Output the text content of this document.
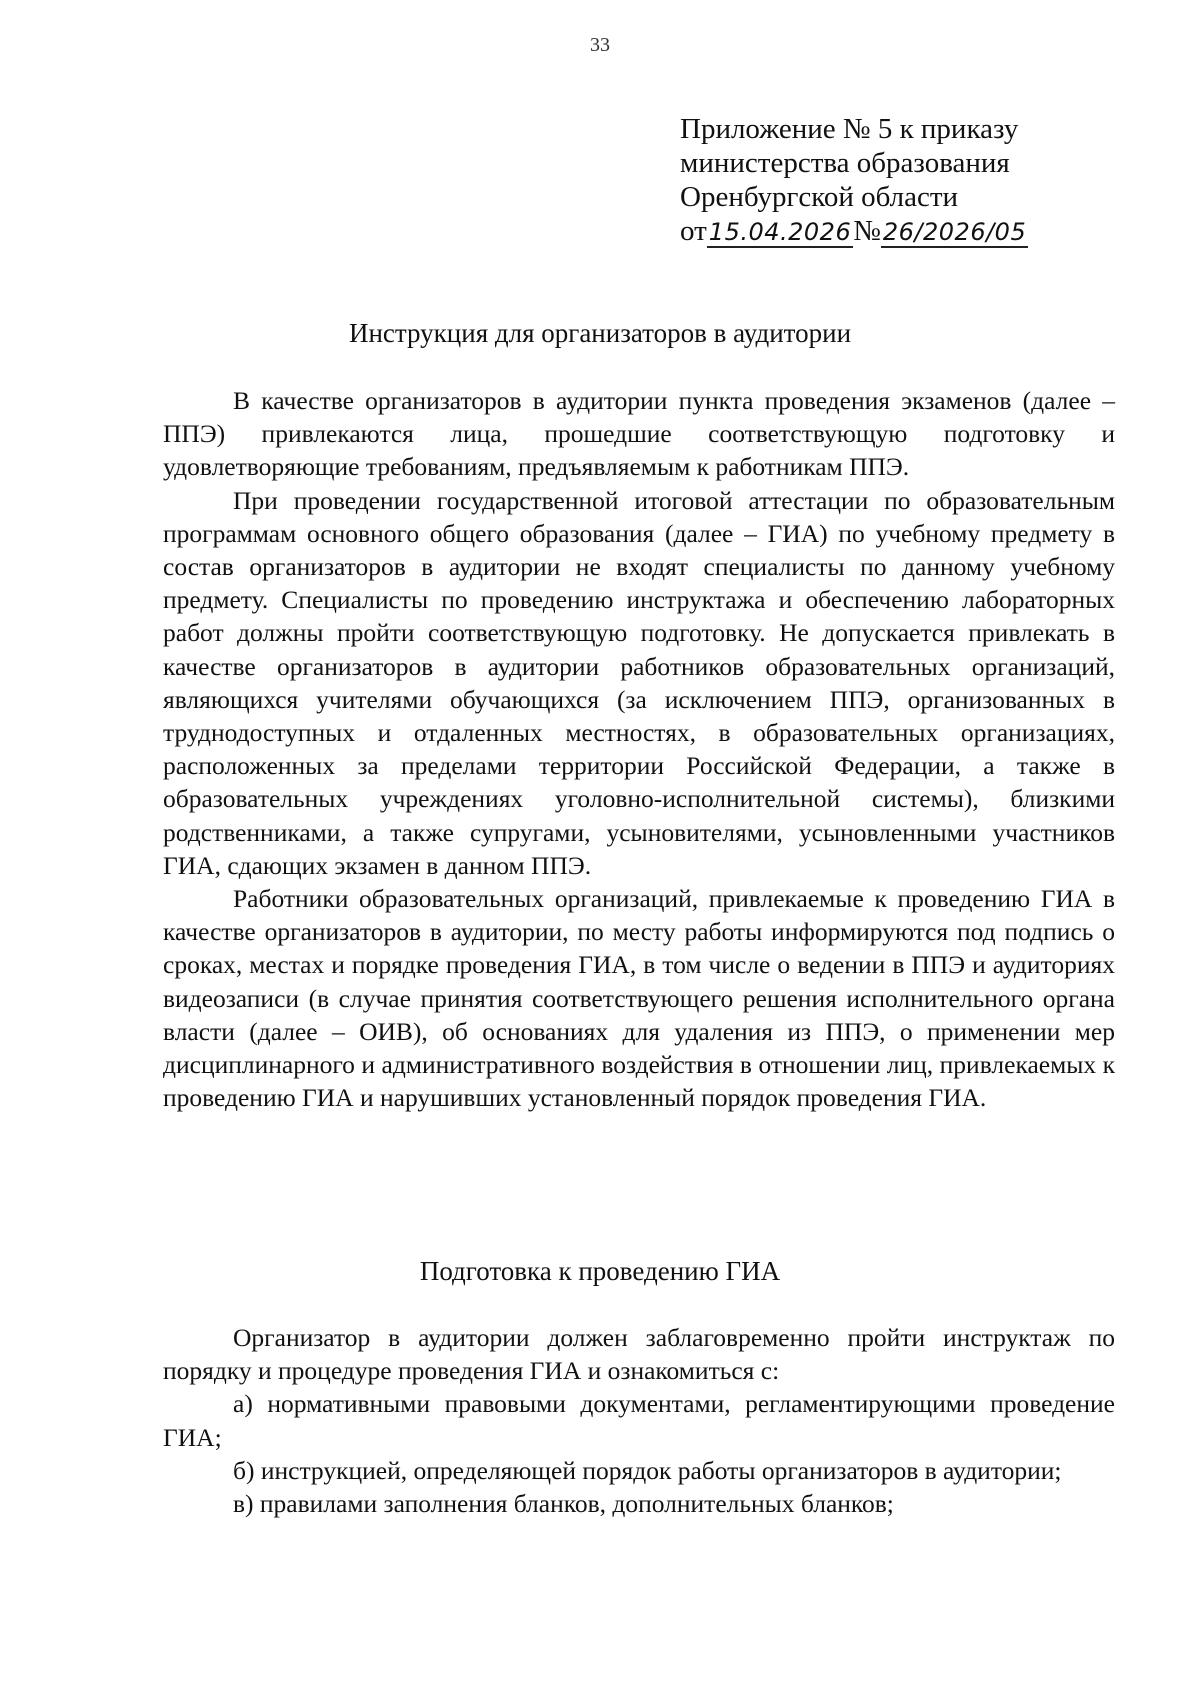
33
Приложение № 5 к приказу
министерства образования
Оренбургской области
от15.04.2026№26/2026/05
Инструкция для организаторов в аудитории

В качестве организаторов в аудитории пункта проведения экзаменов (далее – ППЭ) привлекаются лица, прошедшие соответствующую подготовку и удовлетворяющие требованиям, предъявляемым к работникам ППЭ.

При проведении государственной итоговой аттестации по образовательным программам основного общего образования (далее – ГИА) по учебному предмету в состав организаторов в аудитории не входят специалисты по данному учебному предмету. Специалисты по проведению инструктажа и обеспечению лабораторных работ должны пройти соответствующую подготовку. Не допускается привлекать в качестве организаторов в аудитории работников образовательных организаций, являющихся учителями обучающихся (за исключением ППЭ, организованных в труднодоступных и отдаленных местностях, в образовательных организациях, расположенных за пределами территории Российской Федерации, а также в образовательных учреждениях уголовно-исполнительной системы), близкими родственниками, а также супругами, усыновителями, усыновленными участников ГИА, сдающих экзамен в данном ППЭ.

Работники образовательных организаций, привлекаемые к проведению ГИА в качестве организаторов в аудитории, по месту работы информируются под подпись о сроках, местах и порядке проведения ГИА, в том числе о ведении в ППЭ и аудиториях видеозаписи (в случае принятия соответствующего решения исполнительного органа власти (далее – ОИВ), об основаниях для удаления из ППЭ, о применении мер дисциплинарного и административного воздействия в отношении лиц, привлекаемых к проведению ГИА и нарушивших установленный порядок проведения ГИА.

Подготовка к проведению ГИА

Организатор в аудитории должен заблаговременно пройти инструктаж по порядку и процедуре проведения ГИА и ознакомиться с:

а) нормативными правовыми документами, регламентирующими проведение ГИА;

б) инструкцией, определяющей порядок работы организаторов в аудитории;

в) правилами заполнения бланков, дополнительных бланков;
